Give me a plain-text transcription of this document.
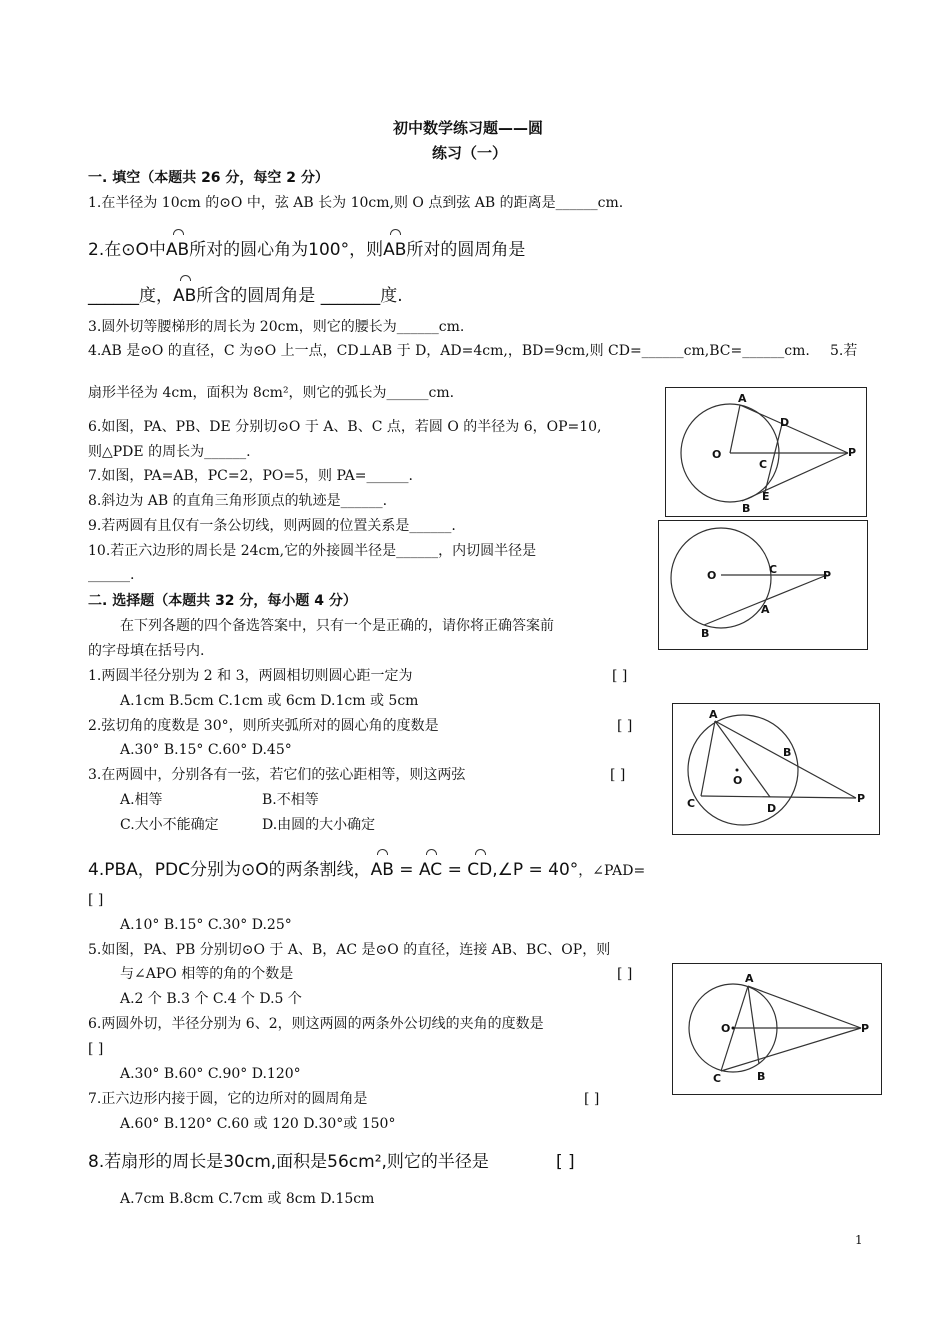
初中数学练习题——圆
练习（一）
一. 填空（本题共 26 分，每空 2 分）
1.在半径为 10cm 的⊙O 中，弦 AB 长为 10cm,则 O 点到弦 AB 的距离是______cm.
2.在⊙O中AB所对的圆心角为100°，则AB所对的圆周角是
______度，AB所含的圆周角是 _______度.
3.圆外切等腰梯形的周长为 20cm，则它的腰长为______cm.
4.AB 是⊙O 的直径，C 为⊙O 上一点，CD⊥AB 于 D，AD=4cm,，BD=9cm,则 CD=______cm,BC=______cm. 5.若
扇形半径为 4cm，面积为 8cm²，则它的弧长为______cm.
6.如图，PA、PB、DE 分别切⊙O 于 A、B、C 点，若圆 O 的半径为 6，OP=10,
则△PDE 的周长为______.
7.如图，PA=AB，PC=2，PO=5，则 PA=______.
8.斜边为 AB 的直角三角形顶点的轨迹是______.
9.若两圆有且仅有一条公切线，则两圆的位置关系是______.
10.若正六边形的周长是 24cm,它的外接圆半径是______，内切圆半径是
______.
二. 选择题（本题共 32 分，每小题 4 分）
在下列各题的四个备选答案中，只有一个是正确的，请你将正确答案前
的字母填在括号内.
1.两圆半径分别为 2 和 3，两圆相切则圆心距一定为	[ ]
A.1cm B.5cm C.1cm 或 6cm D.1cm 或 5cm
2.弦切角的度数是 30°，则所夹弧所对的圆心角的度数是	[ ]
A.30° B.15° C.60° D.45°
3.在两圆中，分别各有一弦，若它们的弦心距相等，则这两弦	[ ]
A.相等	B.不相等
C.大小不能确定	D.由圆的大小确定
4.PBA，PDC分别为⊙O的两条割线，AB = AC = CD,∠P = 40°，∠PAD=
[ ]
A.10° B.15° C.30° D.25°
5.如图，PA、PB 分别切⊙O 于 A、B，AC 是⊙O 的直径，连接 AB、BC、OP，则
与∠APO 相等的角的个数是	[ ]
A.2 个 B.3 个 C.4 个 D.5 个
6.两圆外切，半径分别为 6、2，则这两圆的两条外公切线的夹角的度数是
[ ]
A.30° B.60° C.90° D.120°
7.正六边形内接于圆，它的边所对的圆周角是	[ ]
A.60° B.120° C.60 或 120 D.30°或 150°
8.若扇形的周长是30cm,面积是56cm²,则它的半径是	[ ]
A.7cm B.8cm C.7cm 或 8cm D.15cm
1
O
A
B
C
D
E
P
O	C	P
A
B
A
B
O
C	D
P
A
O	P
C	B
